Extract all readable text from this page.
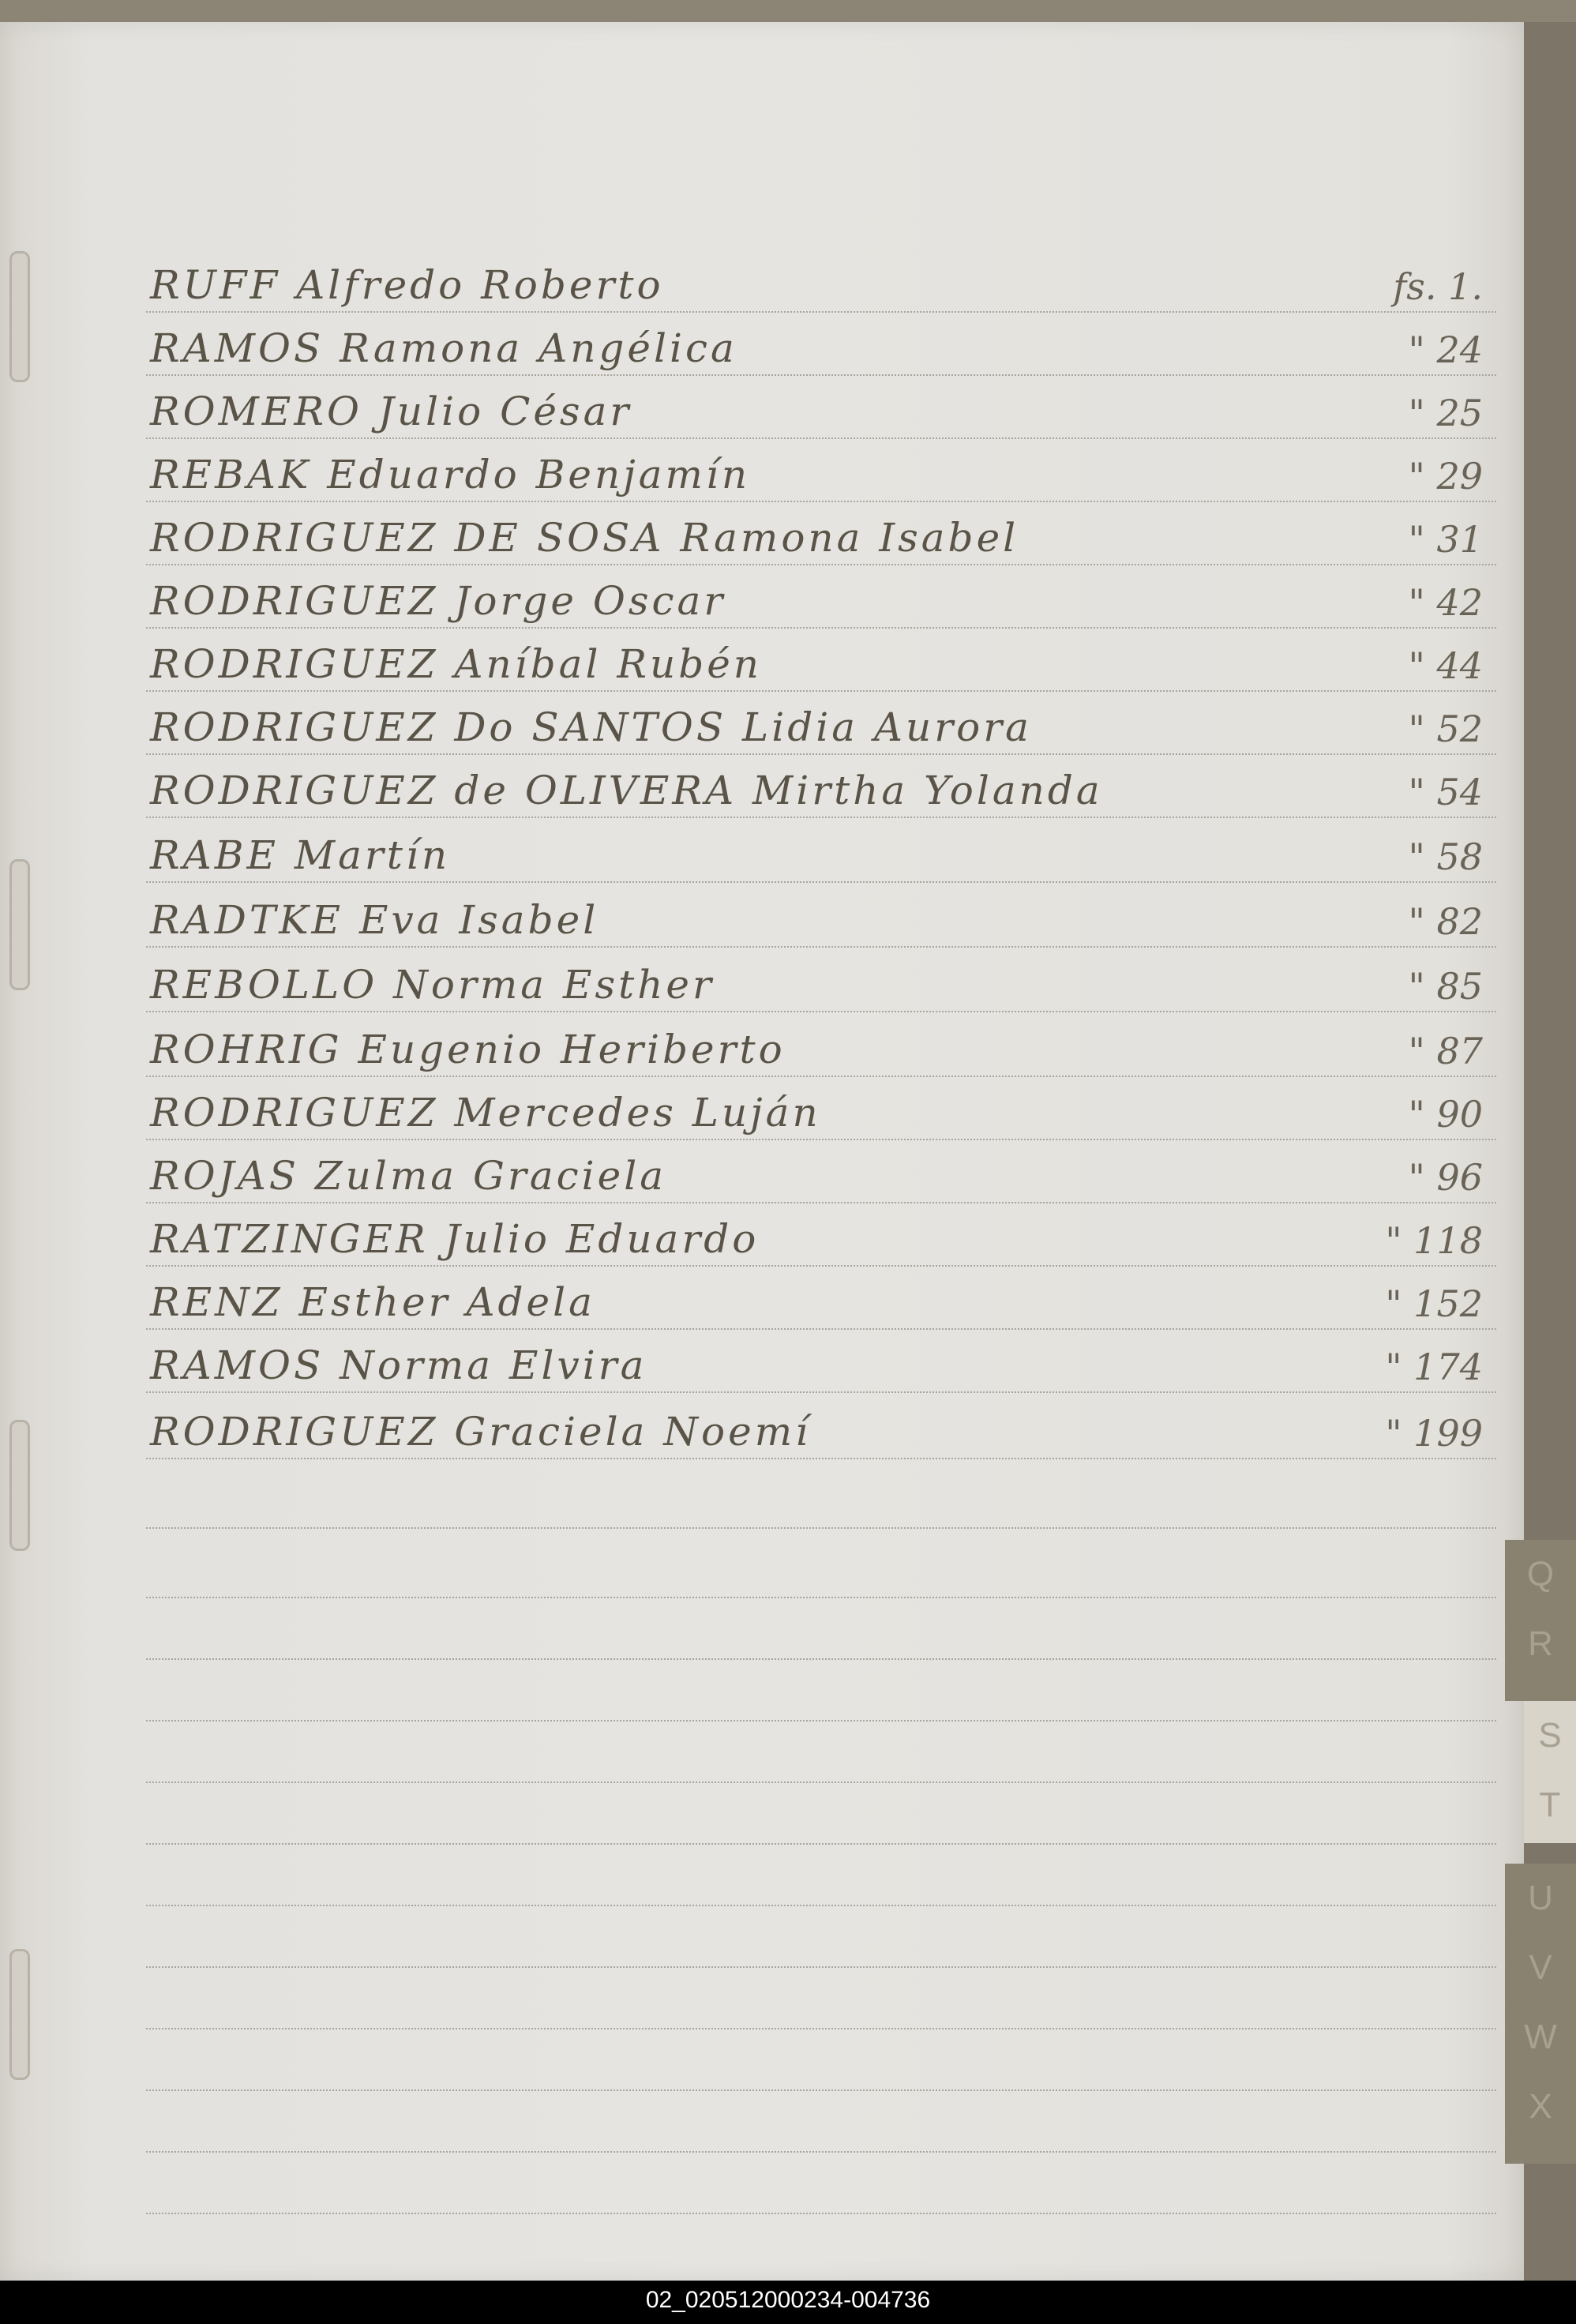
RUFF Alfredo Roberto	fs. 1.
RAMOS Ramona Angélica	" 24
ROMERO Julio César	" 25
REBAK Eduardo Benjamín	" 29
RODRIGUEZ DE SOSA Ramona Isabel	" 31
RODRIGUEZ Jorge Oscar	" 42
RODRIGUEZ Aníbal Rubén	" 44
RODRIGUEZ Do SANTOS Lidia Aurora	" 52
RODRIGUEZ de OLIVERA Mirtha Yolanda	" 54
RABE Martín	" 58
RADTKE Eva Isabel	" 82
REBOLLO Norma Esther	" 85
ROHRIG Eugenio Heriberto	" 87
RODRIGUEZ Mercedes Luján	" 90
ROJAS Zulma Graciela	" 96
RATZINGER Julio Eduardo	" 118
RENZ Esther Adela	" 152
RAMOS Norma Elvira	" 174
RODRIGUEZ Graciela Noemí	" 199
Q
R
S
T
U
V
W
X
02_020512000234-004736
